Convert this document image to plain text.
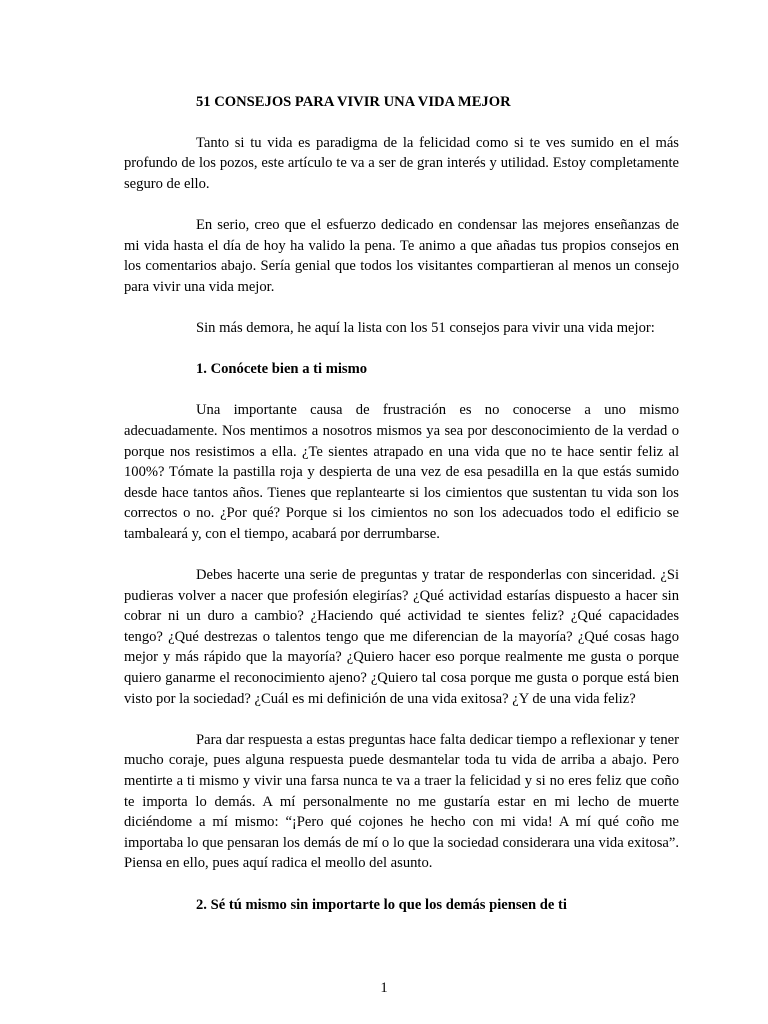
51 CONSEJOS PARA VIVIR UNA VIDA MEJOR

Tanto si tu vida es paradigma de la felicidad como si te ves sumido en el más profundo de los pozos, este artículo te va a ser de gran interés y utilidad. Estoy completamente seguro de ello.

En serio, creo que el esfuerzo dedicado en condensar las mejores enseñanzas de mi vida hasta el día de hoy ha valido la pena. Te animo a que añadas tus propios consejos en los comentarios abajo. Sería genial que todos los visitantes compartieran al menos un consejo para vivir una vida mejor.

Sin más demora, he aquí la lista con los 51 consejos para vivir una vida mejor:

1. Conócete bien a ti mismo

Una importante causa de frustración es no conocerse a uno mismo adecuadamente. Nos mentimos a nosotros mismos ya sea por desconocimiento de la verdad o porque nos resistimos a ella. ¿Te sientes atrapado en una vida que no te hace sentir feliz al 100%? Tómate la pastilla roja y despierta de una vez de esa pesadilla en la que estás sumido desde hace tantos años. Tienes que replantearte si los cimientos que sustentan tu vida son los correctos o no. ¿Por qué? Porque si los cimientos no son los adecuados todo el edificio se tambaleará y, con el tiempo, acabará por derrumbarse.

Debes hacerte una serie de preguntas y tratar de responderlas con sinceridad. ¿Si pudieras volver a nacer que profesión elegirías? ¿Qué actividad estarías dispuesto a hacer sin cobrar ni un duro a cambio? ¿Haciendo qué actividad te sientes feliz? ¿Qué capacidades tengo? ¿Qué destrezas o talentos tengo que me diferencian de la mayoría? ¿Qué cosas hago mejor y más rápido que la mayoría? ¿Quiero hacer eso porque realmente me gusta o porque quiero ganarme el reconocimiento ajeno? ¿Quiero tal cosa porque me gusta o porque está bien visto por la sociedad? ¿Cuál es mi definición de una vida exitosa? ¿Y de una vida feliz?

Para dar respuesta a estas preguntas hace falta dedicar tiempo a reflexionar y tener mucho coraje, pues alguna respuesta puede desmantelar toda tu vida de arriba a abajo. Pero mentirte a ti mismo y vivir una farsa nunca te va a traer la felicidad y si no eres feliz que coño te importa lo demás. A mí personalmente no me gustaría estar en mi lecho de muerte diciéndome a mí mismo: “¡Pero qué cojones he hecho con mi vida! A mí qué coño me importaba lo que pensaran los demás de mí o lo que la sociedad considerara una vida exitosa”. Piensa en ello, pues aquí radica el meollo del asunto.

2. Sé tú mismo sin importarte lo que los demás piensen de ti
1
